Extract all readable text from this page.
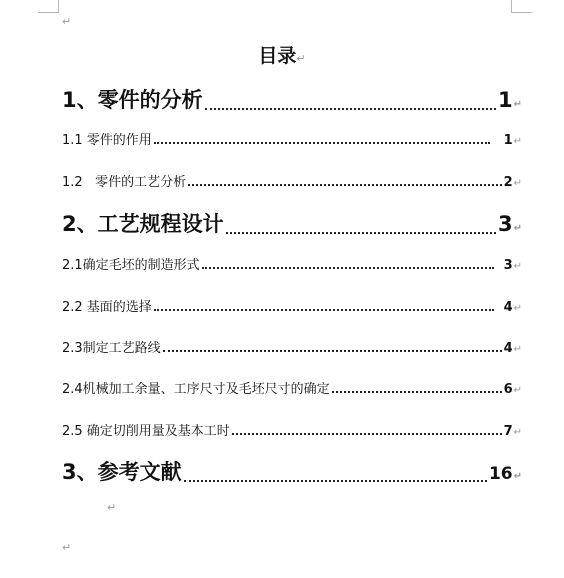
↵
目录↵
1、零件的分析	1 ↵
1.1 零件的作用	1 ↵
1.2   零件的工艺分析	2 ↵
2、工艺规程设计	3 ↵
2.1确定毛坯的制造形式	3 ↵
2.2 基面的选择	4 ↵
2.3制定工艺路线	4 ↵
2.4机械加工余量、工序尺寸及毛坯尺寸的确定	6 ↵
2.5 确定切削用量及基本工时	7 ↵
3、参考文献	16 ↵
↵
↵
